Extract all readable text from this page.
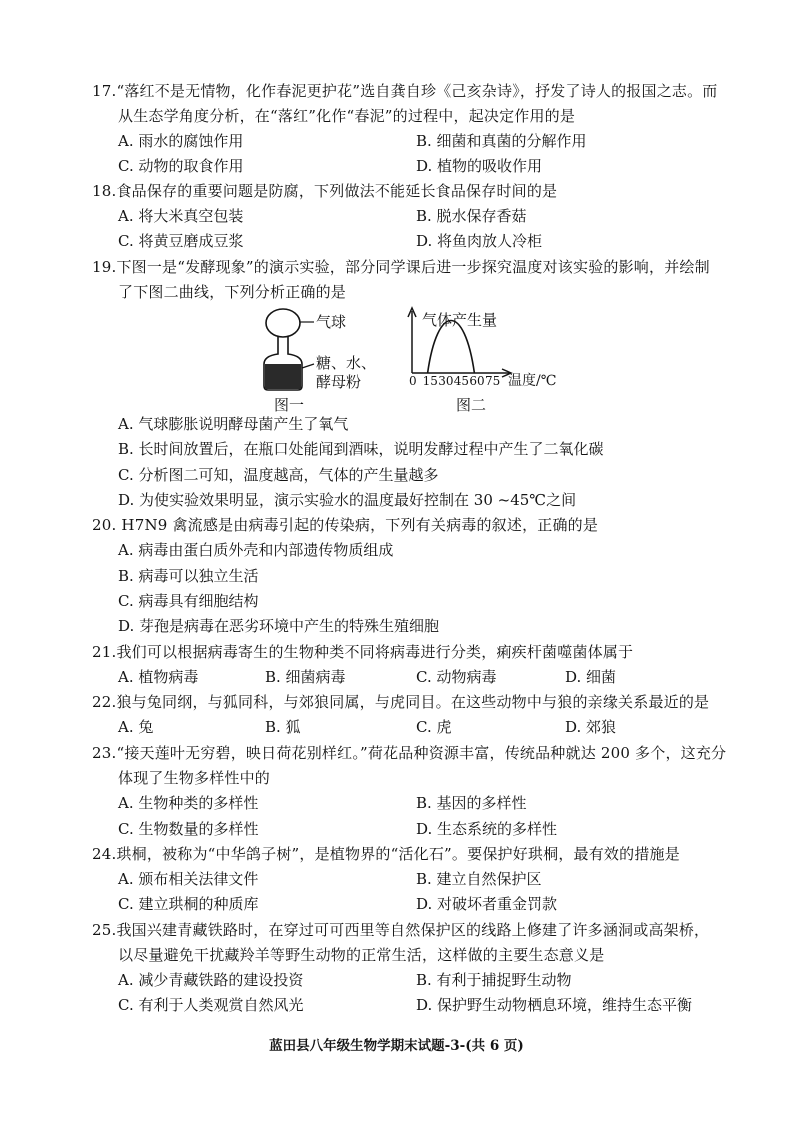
17.“落红不是无情物，化作春泥更护花”选自龚自珍《己亥杂诗》，抒发了诗人的报国之志。而
从生态学角度分析，在“落红”化作“春泥”的过程中，起决定作用的是
A. 雨水的腐蚀作用	B. 细菌和真菌的分解作用
C. 动物的取食作用	D. 植物的吸收作用
18.食品保存的重要问题是防腐，下列做法不能延长食品保存时间的是
A. 将大米真空包装	B. 脱水保存香菇
C. 将黄豆磨成豆浆	D. 将鱼肉放人冷柜
19.下图一是“发酵现象”的演示实验，部分同学课后进一步探究温度对该实验的影响，并绘制
了下图二曲线，下列分析正确的是
气球
糖、水、
酵母粉
图一
气体产生量
0 15 30 45 60 75 温度/℃
图二
A. 气球膨胀说明酵母菌产生了氧气
B. 长时间放置后，在瓶口处能闻到酒味，说明发酵过程中产生了二氧化碳
C. 分析图二可知，温度越高，气体的产生量越多
D. 为使实验效果明显，演示实验水的温度最好控制在 30 ~45℃之间
20. H7N9 禽流感是由病毒引起的传染病，下列有关病毒的叙述，正确的是
A. 病毒由蛋白质外壳和内部遗传物质组成
B. 病毒可以独立生活
C. 病毒具有细胞结构
D. 芽孢是病毒在恶劣环境中产生的特殊生殖细胞
21.我们可以根据病毒寄生的生物种类不同将病毒进行分类，痢疾杆菌噬菌体属于
A. 植物病毒	B. 细菌病毒	C. 动物病毒	D. 细菌
22.狼与兔同纲，与狐同科，与郊狼同属，与虎同目。在这些动物中与狼的亲缘关系最近的是
A. 兔	B. 狐	C. 虎	D. 郊狼
23.“接天莲叶无穷碧，映日荷花别样红。”荷花品种资源丰富，传统品种就达 200 多个，这充分
体现了生物多样性中的
A. 生物种类的多样性	B. 基因的多样性
C. 生物数量的多样性	D. 生态系统的多样性
24.珙桐，被称为“中华鸽子树”，是植物界的“活化石”。要保护好珙桐，最有效的措施是
A. 颁布相关法律文件	B. 建立自然保护区
C. 建立珙桐的种质库	D. 对破坏者重金罚款
25.我国兴建青藏铁路时，在穿过可可西里等自然保护区的线路上修建了许多涵洞或高架桥，
以尽量避免干扰藏羚羊等野生动物的正常生活，这样做的主要生态意义是
A. 减少青藏铁路的建设投资	B. 有利于捕捉野生动物
C. 有利于人类观赏自然风光	D. 保护野生动物栖息环境，维持生态平衡
蓝田县八年级生物学期末试题-3-(共 6 页)
